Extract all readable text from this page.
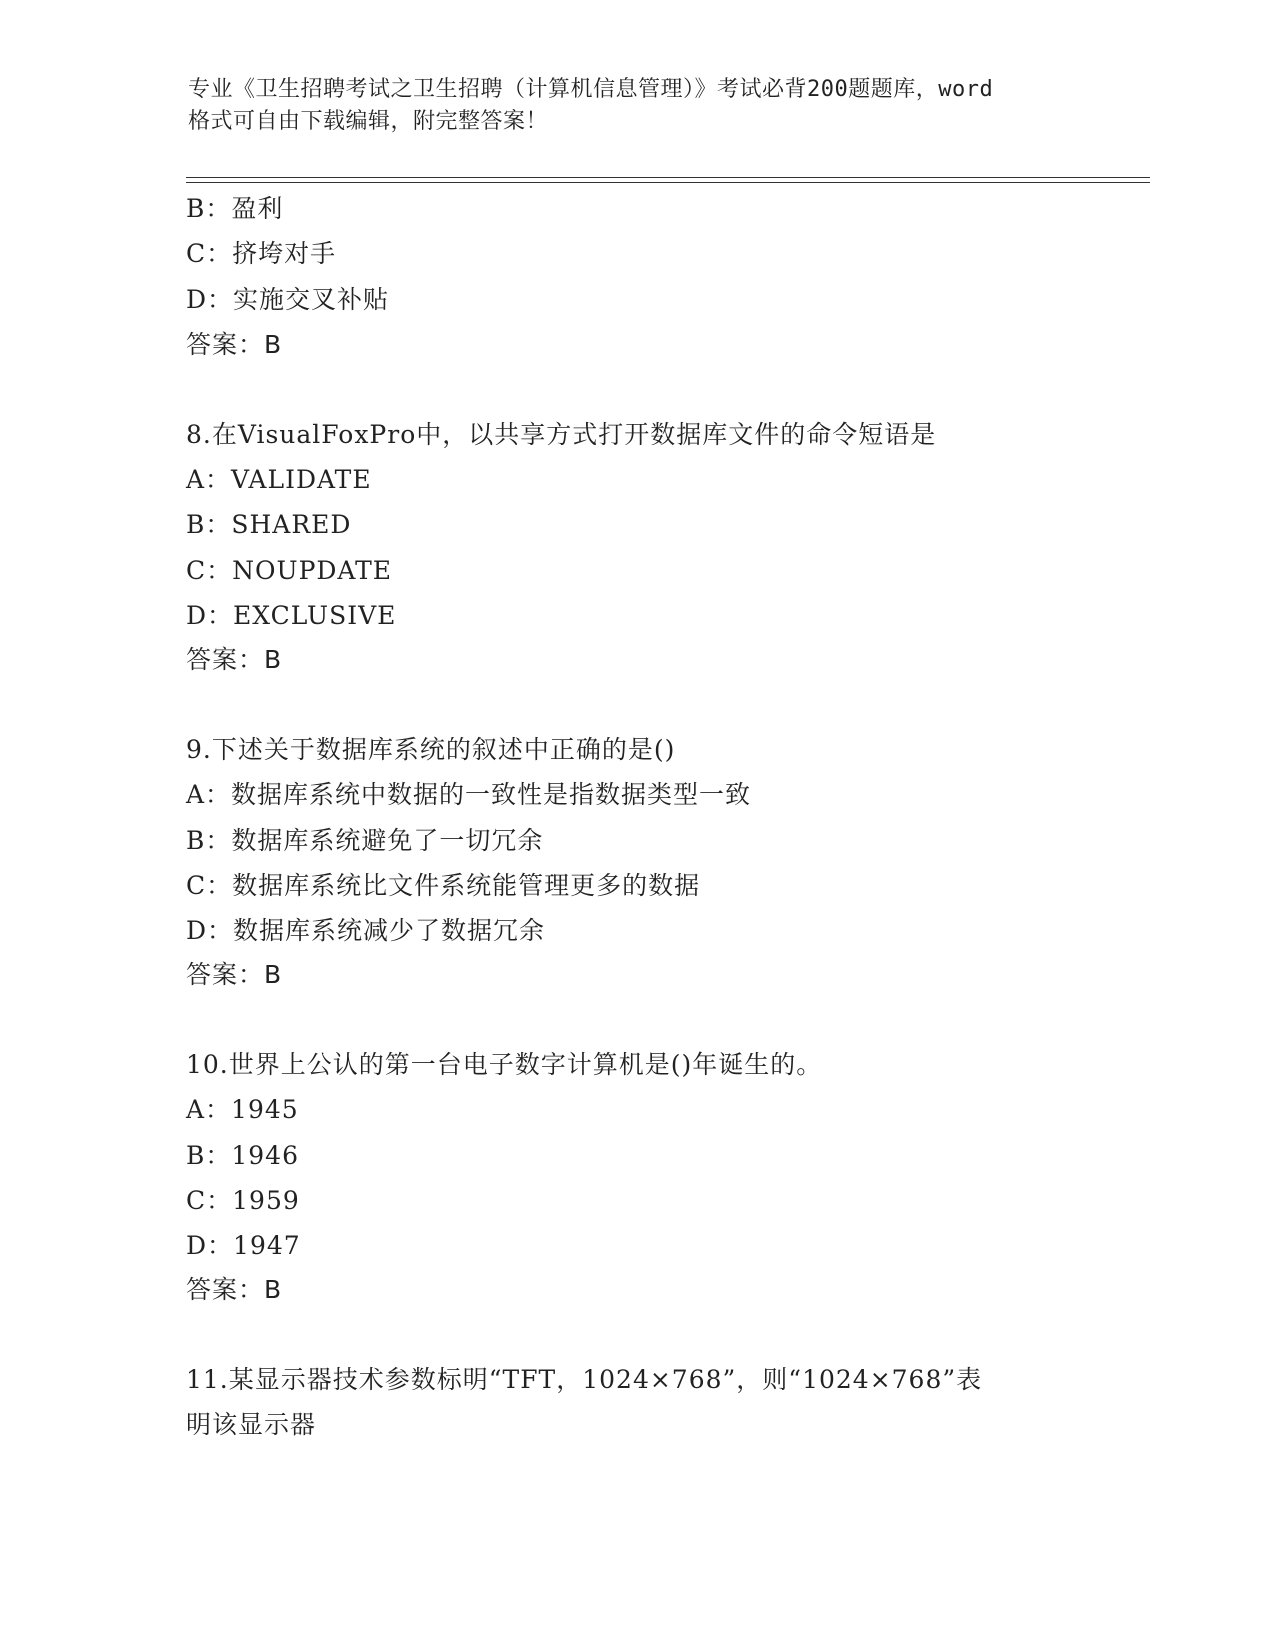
专业《卫生招聘考试之卫生招聘（计算机信息管理）》考试必背200题题库，word
格式可自由下载编辑，附完整答案！
B：盈利
C：挤垮对手
D：实施交叉补贴
答案：B
8.在VisualFoxPro中，以共享方式打开数据库文件的命令短语是
A：VALIDATE
B：SHARED
C：NOUPDATE
D：EXCLUSIVE
答案：B
9.下述关于数据库系统的叙述中正确的是()
A：数据库系统中数据的一致性是指数据类型一致
B：数据库系统避免了一切冗余
C：数据库系统比文件系统能管理更多的数据
D：数据库系统减少了数据冗余
答案：B
10.世界上公认的第一台电子数字计算机是()年诞生的。
A：1945
B：1946
C：1959
D：1947
答案：B
11.某显示器技术参数标明“TFT，1024×768”，则“1024×768”表
明该显示器
